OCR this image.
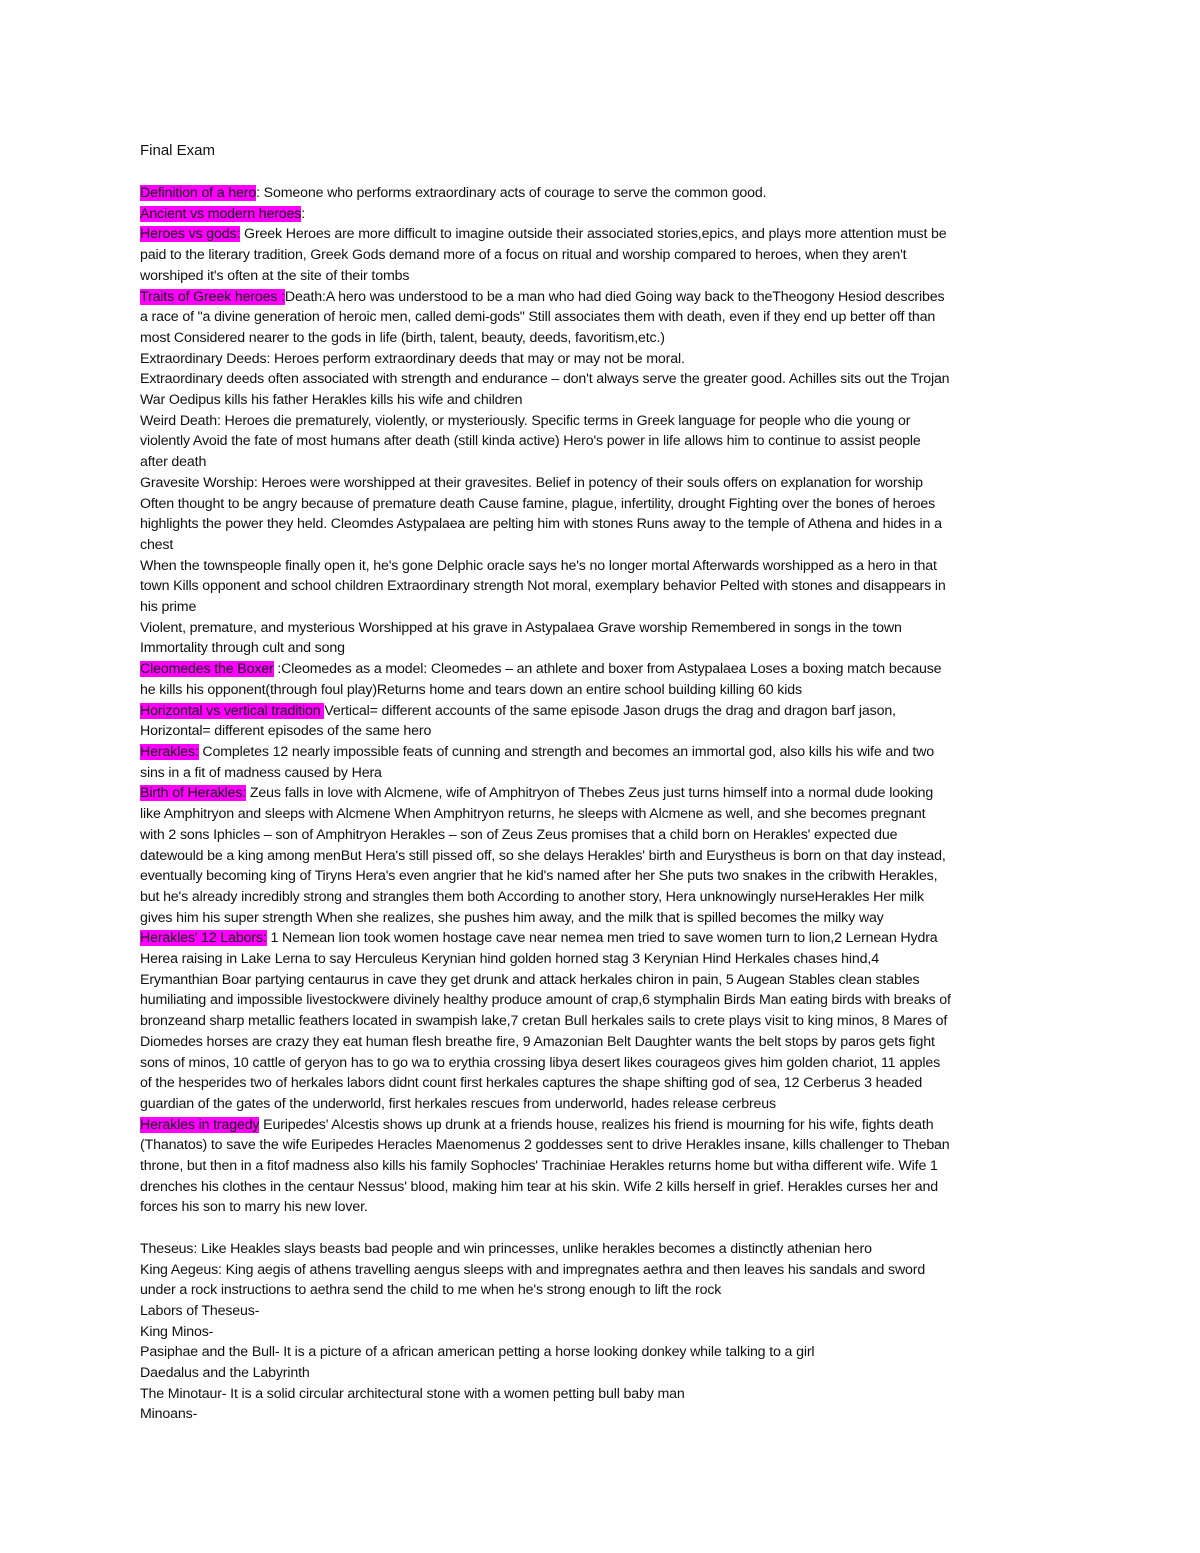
Final Exam
Definition of a hero: Someone who performs extraordinary acts of courage to serve the common good.
Ancient vs modern heroes:
Heroes vs gods: Greek Heroes are more difficult to imagine outside their associated stories,epics, and plays more attention must be
paid to the literary tradition, Greek Gods demand more of a focus on ritual and worship compared to heroes, when they aren't
worshiped it's often at the site of their tombs
Traits of Greek heroes :Death:A hero was understood to be a man who had died Going way back to theTheogony Hesiod describes
a race of "a divine generation of heroic men, called demi-gods" Still associates them with death, even if they end up better off than
most Considered nearer to the gods in life (birth, talent, beauty, deeds, favoritism,etc.)
Extraordinary Deeds: Heroes perform extraordinary deeds that may or may not be moral.
Extraordinary deeds often associated with strength and endurance – don't always serve the greater good. Achilles sits out the Trojan
War Oedipus kills his father Herakles kills his wife and children
Weird Death: Heroes die prematurely, violently, or mysteriously. Specific terms in Greek language for people who die young or
violently Avoid the fate of most humans after death (still kinda active) Hero's power in life allows him to continue to assist people
after death
Gravesite Worship: Heroes were worshipped at their gravesites. Belief in potency of their souls offers on explanation for worship
Often thought to be angry because of premature death Cause famine, plague, infertility, drought Fighting over the bones of heroes
highlights the power they held. Cleomdes Astypalaea are pelting him with stones Runs away to the temple of Athena and hides in a
chest
When the townspeople finally open it, he's gone Delphic oracle says he's no longer mortal Afterwards worshipped as a hero in that
town Kills opponent and school children Extraordinary strength Not moral, exemplary behavior Pelted with stones and disappears in
his prime
Violent, premature, and mysterious Worshipped at his grave in Astypalaea Grave worship Remembered in songs in the town
Immortality through cult and song
Cleomedes the Boxer :Cleomedes as a model: Cleomedes – an athlete and boxer from Astypalaea Loses a boxing match because
he kills his opponent(through foul play)Returns home and tears down an entire school building killing 60 kids
Horizontal vs vertical tradition Vertical= different accounts of the same episode Jason drugs the drag and dragon barf jason,
Horizontal= different episodes of the same hero
Herakles: Completes 12 nearly impossible feats of cunning and strength and becomes an immortal god, also kills his wife and two
sins in a fit of madness caused by Hera
Birth of Herakles: Zeus falls in love with Alcmene, wife of Amphitryon of Thebes Zeus just turns himself into a normal dude looking
like Amphitryon and sleeps with Alcmene When Amphitryon returns, he sleeps with Alcmene as well, and she becomes pregnant
with 2 sons Iphicles – son of Amphitryon Herakles – son of Zeus Zeus promises that a child born on Herakles' expected due
datewould be a king among menBut Hera's still pissed off, so she delays Herakles' birth and Eurystheus is born on that day instead,
eventually becoming king of Tiryns Hera's even angrier that he kid's named after her She puts two snakes in the cribwith Herakles,
but he's already incredibly strong and strangles them both According to another story, Hera unknowingly nurseHerakles Her milk
gives him his super strength When she realizes, she pushes him away, and the milk that is spilled becomes the milky way
Herakles' 12 Labors: 1 Nemean lion took women hostage cave near nemea men tried to save women turn to lion,2 Lernean Hydra
Herea raising in Lake Lerna to say Herculeus Kerynian hind golden horned stag 3 Kerynian Hind Herkales chases hind,4
Erymanthian Boar partying centaurus in cave they get drunk and attack herkales chiron in pain, 5 Augean Stables clean stables
humiliating and impossible livestockwere divinely healthy produce amount of crap,6 stymphalin Birds Man eating birds with breaks of
bronzeand sharp metallic feathers located in swampish lake,7 cretan Bull herkales sails to crete plays visit to king minos, 8 Mares of
Diomedes horses are crazy they eat human flesh breathe fire, 9 Amazonian Belt Daughter wants the belt stops by paros gets fight
sons of minos, 10 cattle of geryon has to go wa to erythia crossing libya desert likes courageos gives him golden chariot, 11 apples
of the hesperides two of herkales labors didnt count first herkales captures the shape shifting god of sea, 12 Cerberus 3 headed
guardian of the gates of the underworld, first herkales rescues from underworld, hades release cerbreus
Herakles in tragedy Euripedes' Alcestis shows up drunk at a friends house, realizes his friend is mourning for his wife, fights death
(Thanatos) to save the wife Euripedes Heracles Maenomenus 2 goddesses sent to drive Herakles insane, kills challenger to Theban
throne, but then in a fitof madness also kills his family Sophocles' Trachiniae Herakles returns home but witha different wife. Wife 1
drenches his clothes in the centaur Nessus' blood, making him tear at his skin. Wife 2 kills herself in grief. Herakles curses her and
forces his son to marry his new lover.
Theseus: Like Heakles slays beasts bad people and win princesses, unlike herakles becomes a distinctly athenian hero
King Aegeus: King aegis of athens travelling aengus sleeps with and impregnates aethra and then leaves his sandals and sword
under a rock instructions to aethra send the child to me when he's strong enough to lift the rock
Labors of Theseus-
King Minos-
Pasiphae and the Bull- It is a picture of a african american petting a horse looking donkey while talking to a girl
Daedalus and the Labyrinth
The Minotaur- It is a solid circular architectural stone with a women petting bull baby man
Minoans-
